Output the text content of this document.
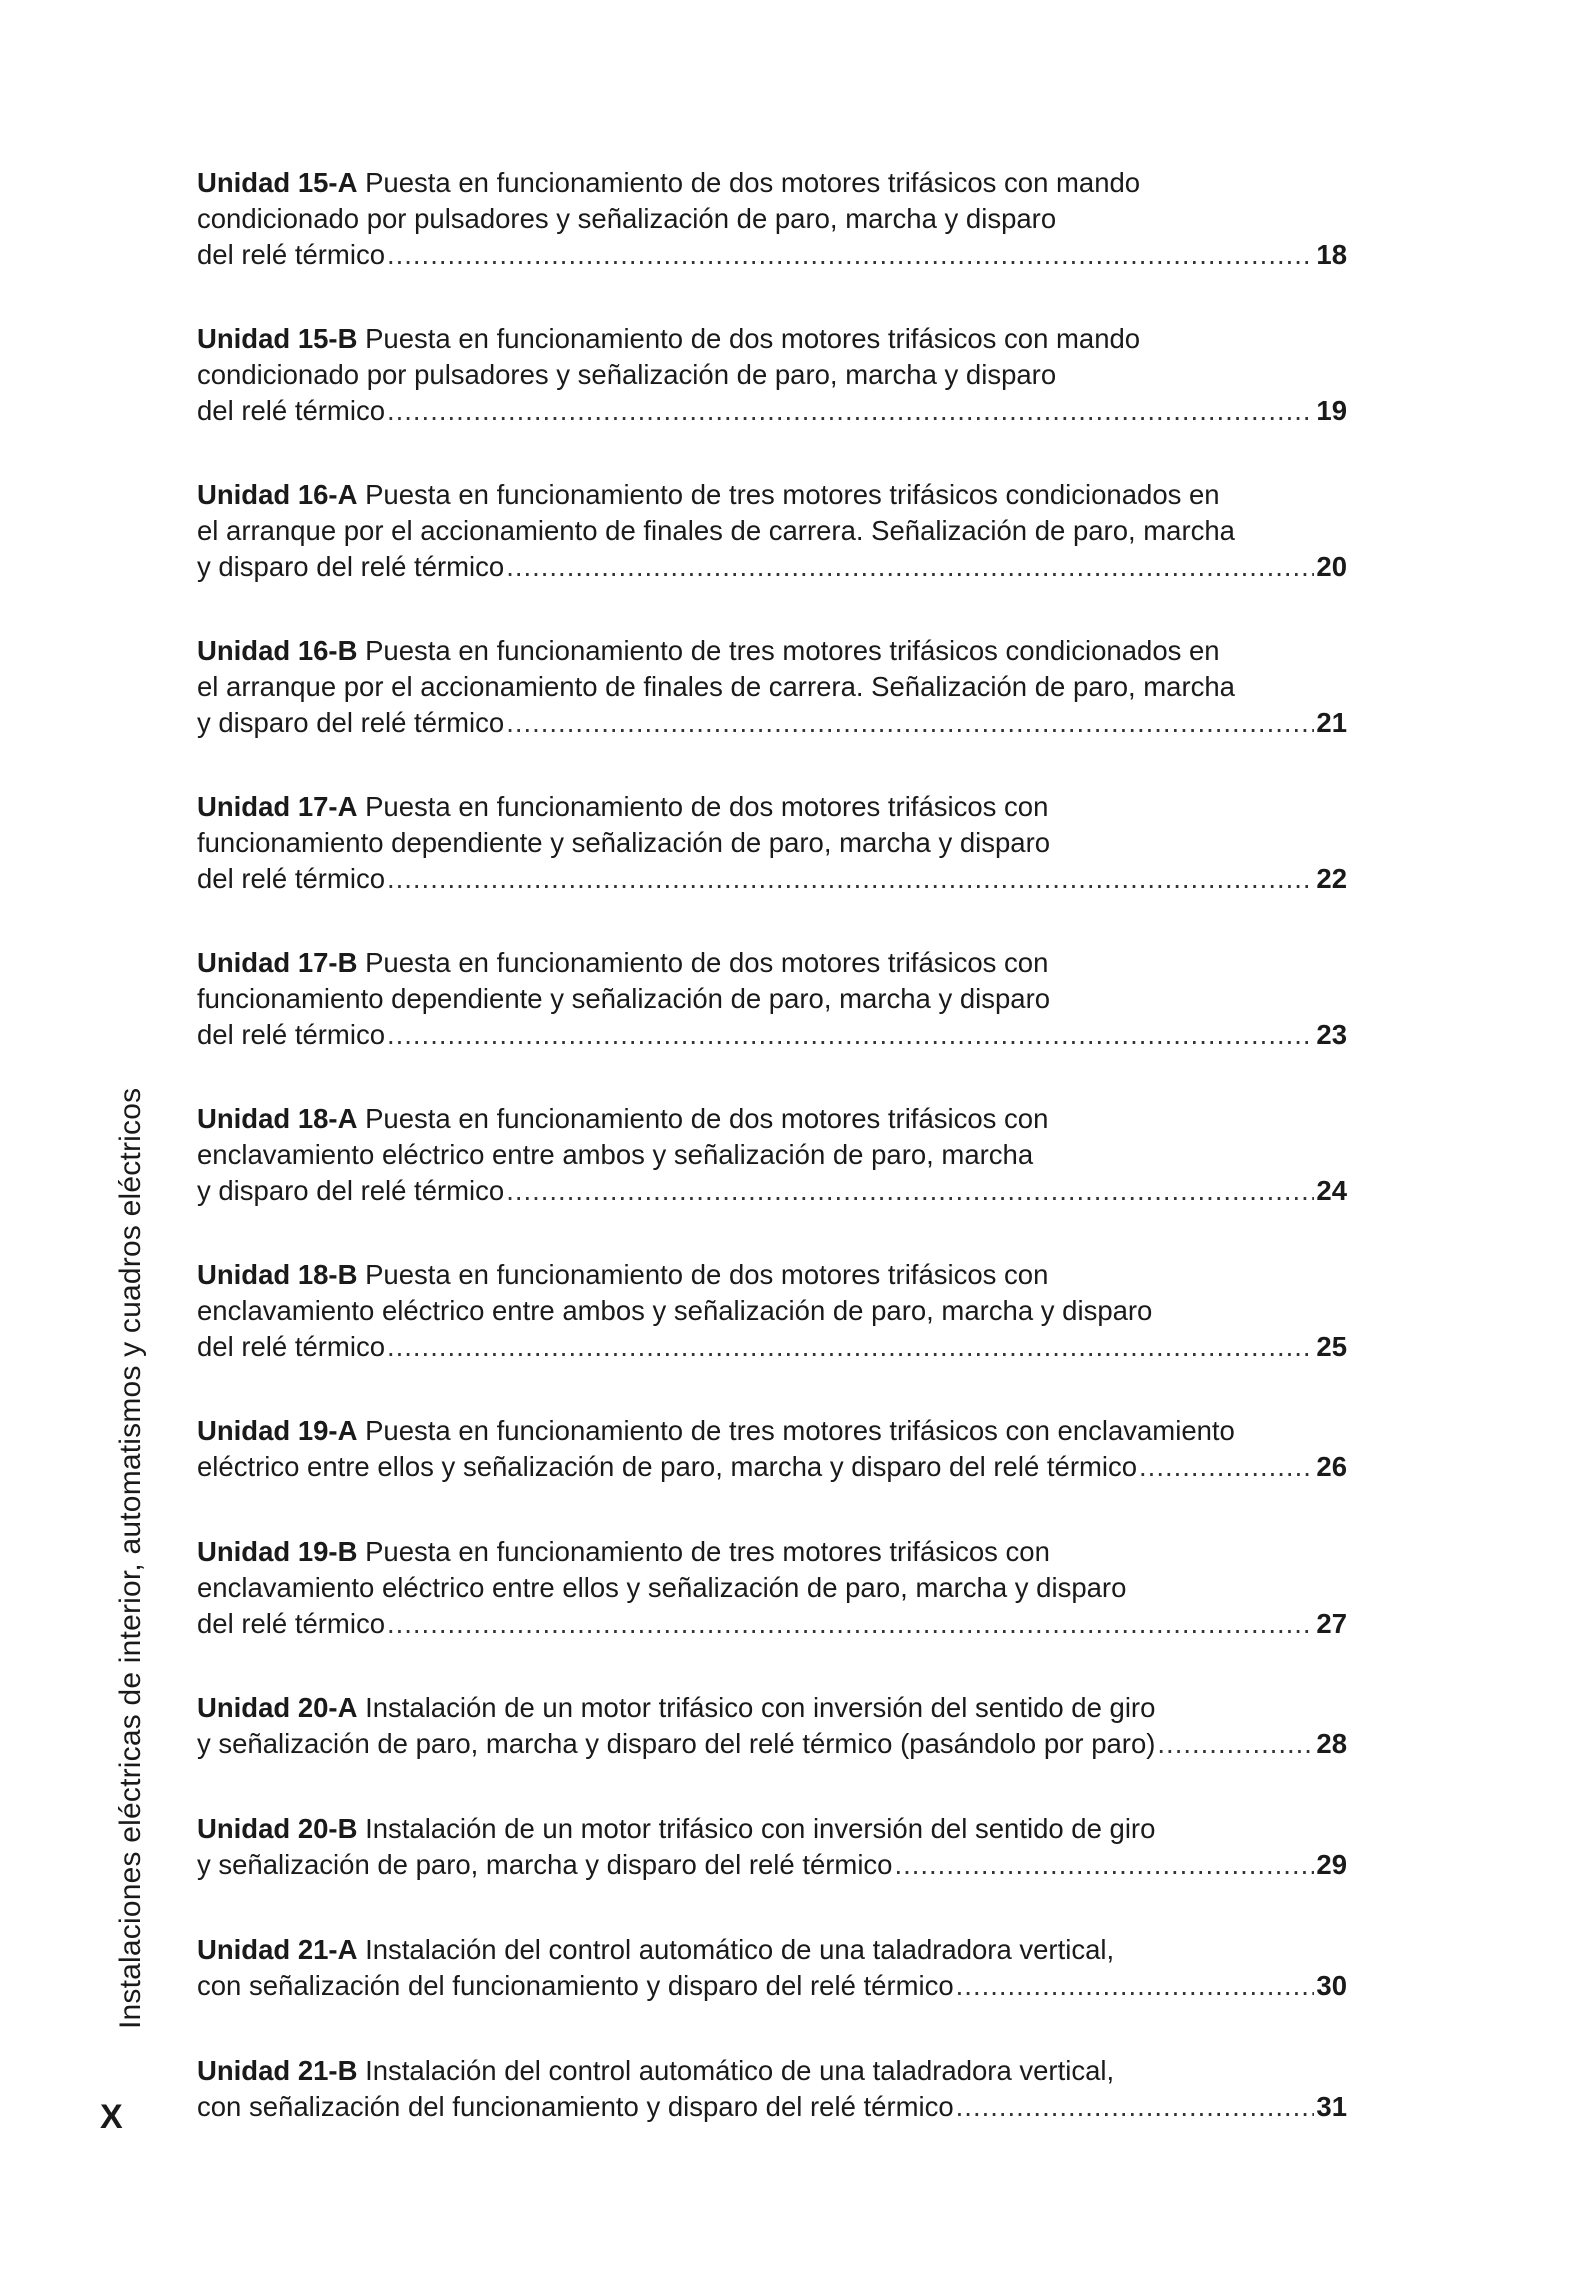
Instalaciones eléctricas de interior, automatismos y cuadros eléctricos
X
Unidad 15-A Puesta en funcionamiento de dos motores trifásicos con mando
condicionado por pulsadores y señalización de paro, marcha y disparo
del relé térmico .....	18
Unidad 15-B Puesta en funcionamiento de dos motores trifásicos con mando
condicionado por pulsadores y señalización de paro, marcha y disparo
del relé térmico .....	19
Unidad 16-A Puesta en funcionamiento de tres motores trifásicos condicionados en
el arranque por el accionamiento de finales de carrera. Señalización de paro, marcha
y disparo del relé térmico .....	20
Unidad 16-B Puesta en funcionamiento de tres motores trifásicos condicionados en
el arranque por el accionamiento de finales de carrera. Señalización de paro, marcha
y disparo del relé térmico .....	21
Unidad 17-A Puesta en funcionamiento de dos motores trifásicos con
funcionamiento dependiente y señalización de paro, marcha y disparo
del relé térmico .....	22
Unidad 17-B Puesta en funcionamiento de dos motores trifásicos con
funcionamiento dependiente y señalización de paro, marcha y disparo
del relé térmico .....	23
Unidad 18-A Puesta en funcionamiento de dos motores trifásicos con
enclavamiento eléctrico entre ambos y señalización de paro, marcha
y disparo del relé térmico .....	24
Unidad 18-B Puesta en funcionamiento de dos motores trifásicos con
enclavamiento eléctrico entre ambos y señalización de paro, marcha y disparo
del relé térmico .....	25
Unidad 19-A Puesta en funcionamiento de tres motores trifásicos con enclavamiento
eléctrico entre ellos y señalización de paro, marcha y disparo del relé térmico .....	26
Unidad 19-B Puesta en funcionamiento de tres motores trifásicos con
enclavamiento eléctrico entre ellos y señalización de paro, marcha y disparo
del relé térmico .....	27
Unidad 20-A Instalación de un motor trifásico con inversión del sentido de giro
y señalización de paro, marcha y disparo del relé térmico (pasándolo por paro) .....	28
Unidad 20-B Instalación de un motor trifásico con inversión del sentido de giro
y señalización de paro, marcha y disparo del relé térmico .....	29
Unidad 21-A Instalación del control automático de una taladradora vertical,
con señalización del funcionamiento y disparo del relé térmico .....	30
Unidad 21-B Instalación del control automático de una taladradora vertical,
con señalización del funcionamiento y disparo del relé térmico .....	31
